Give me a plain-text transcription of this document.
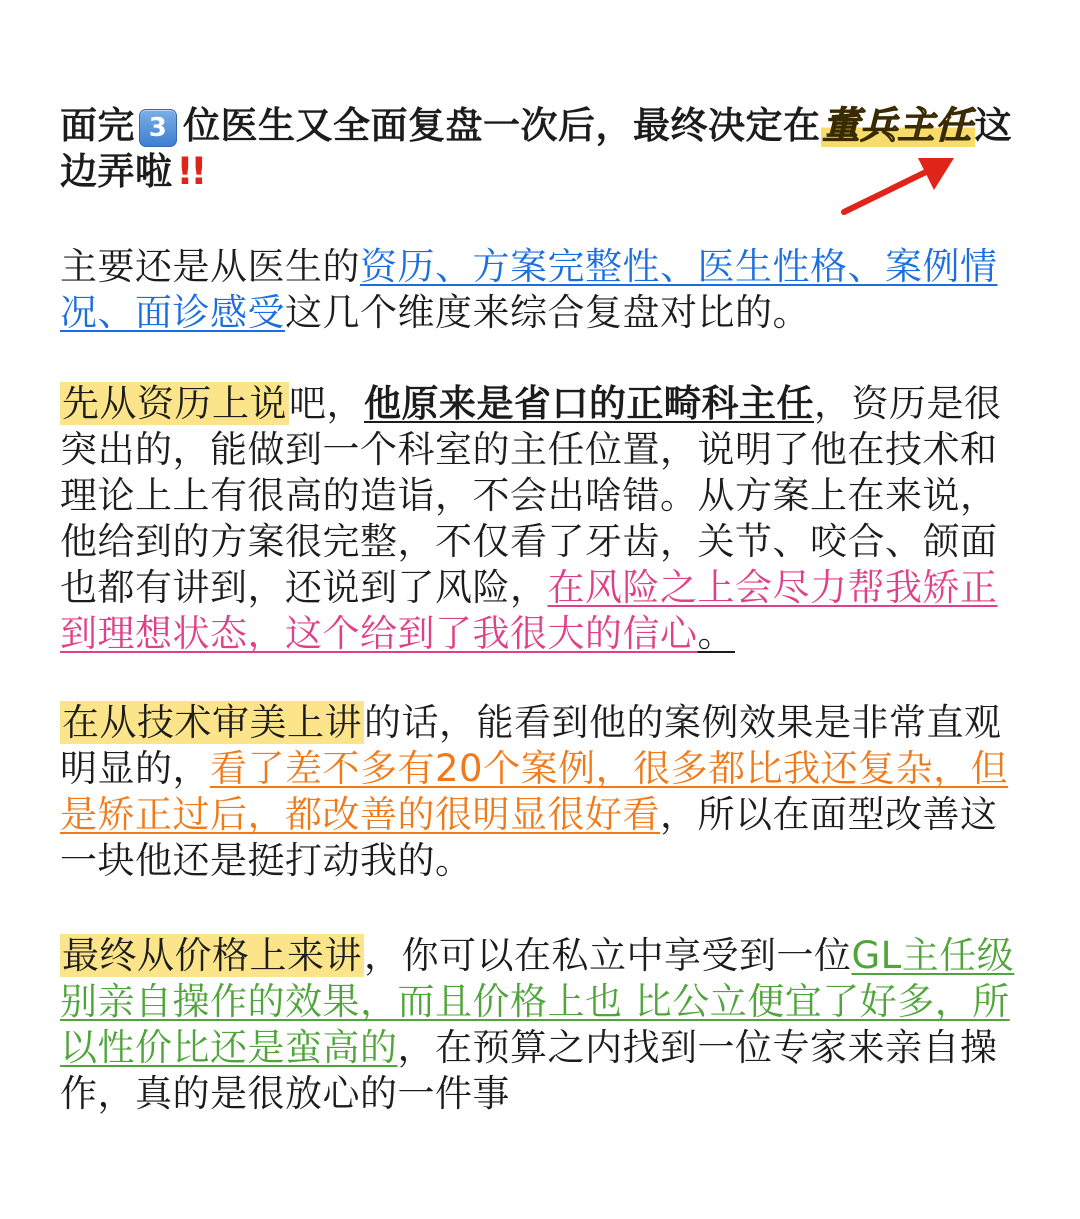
面完 3 位医生又全面复盘一次后，最终决定在董兵主任这边弄啦 !!

主要还是从医生的资历、方案完整性、医生性格、案例情况、面诊感受这几个维度来综合复盘对比的。

先从资历上说吧，他原来是省口的正畸科主任，资历是很突出的，能做到一个科室的主任位置，说明了他在技术和理论上上有很高的造诣，不会出啥错。从方案上在来说，他给到的方案很完整，不仅看了牙齿，关节、咬合、颌面也都有讲到，还说到了风险，在风险之上会尽力帮我矫正到理想状态，这个给到了我很大的信心。

在从技术审美上讲的话，能看到他的案例效果是非常直观明显的，看了差不多有20个案例，很多都比我还复杂，但是矫正过后，都改善的很明显很好看，所以在面型改善这一块他还是挺打动我的。

最终从价格上来讲，你可以在私立中享受到一位GL主任级别亲自操作的效果，而且价格上也 比公立便宜了好多，所以性价比还是蛮高的，在预算之内找到一位专家来亲自操作，真的是很放心的一件事
